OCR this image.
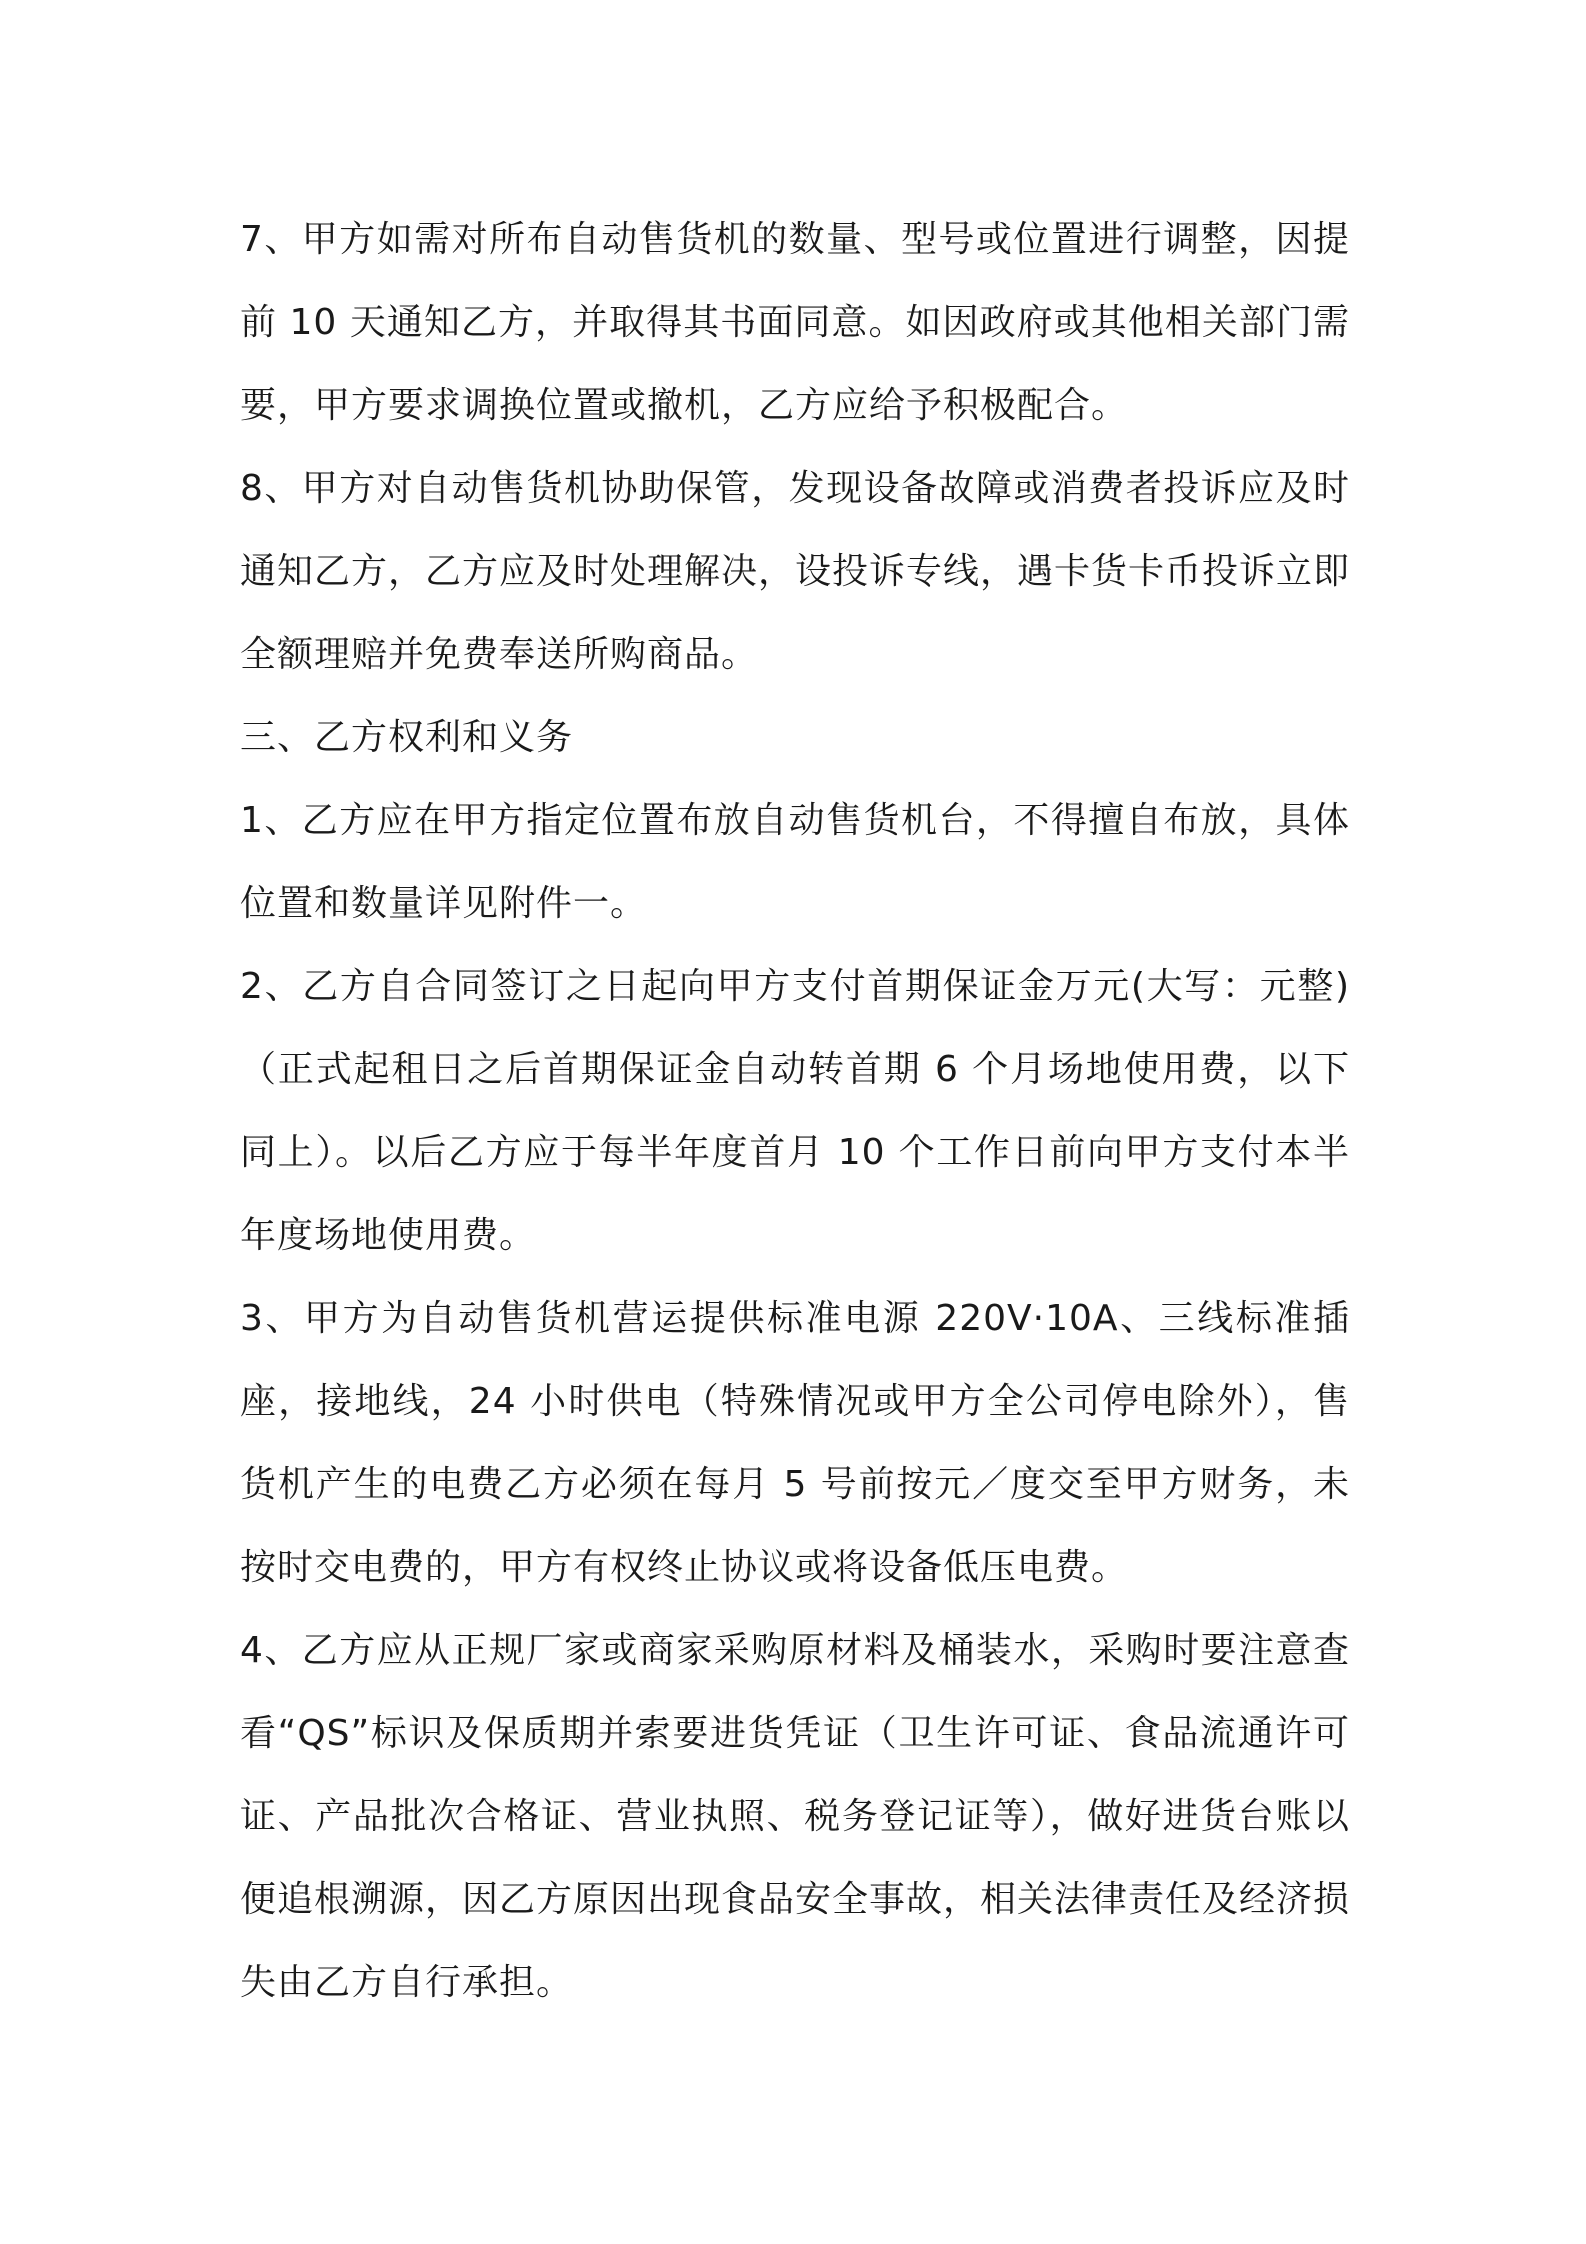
7、甲方如需对所布自动售货机的数量、型号或位置进行调整，因提前 10 天通知乙方，并取得其书面同意。如因政府或其他相关部门需要，甲方要求调换位置或撤机，乙方应给予积极配合。

8、甲方对自动售货机协助保管，发现设备故障或消费者投诉应及时通知乙方，乙方应及时处理解决，设投诉专线，遇卡货卡币投诉立即全额理赔并免费奉送所购商品。

三、乙方权利和义务

1、乙方应在甲方指定位置布放自动售货机台，不得擅自布放，具体位置和数量详见附件一。

2、乙方自合同签订之日起向甲方支付首期保证金万元(大写：元整)（正式起租日之后首期保证金自动转首期 6 个月场地使用费，以下同上）。以后乙方应于每半年度首月 10 个工作日前向甲方支付本半年度场地使用费。

3、甲方为自动售货机营运提供标准电源 220V·10A、三线标准插座，接地线，24 小时供电（特殊情况或甲方全公司停电除外），售货机产生的电费乙方必须在每月 5 号前按元／度交至甲方财务，未按时交电费的，甲方有权终止协议或将设备低压电费。

4、乙方应从正规厂家或商家采购原材料及桶装水，采购时要注意查看“QS”标识及保质期并索要进货凭证（卫生许可证、食品流通许可证、产品批次合格证、营业执照、税务登记证等），做好进货台账以便追根溯源，因乙方原因出现食品安全事故，相关法律责任及经济损失由乙方自行承担。
